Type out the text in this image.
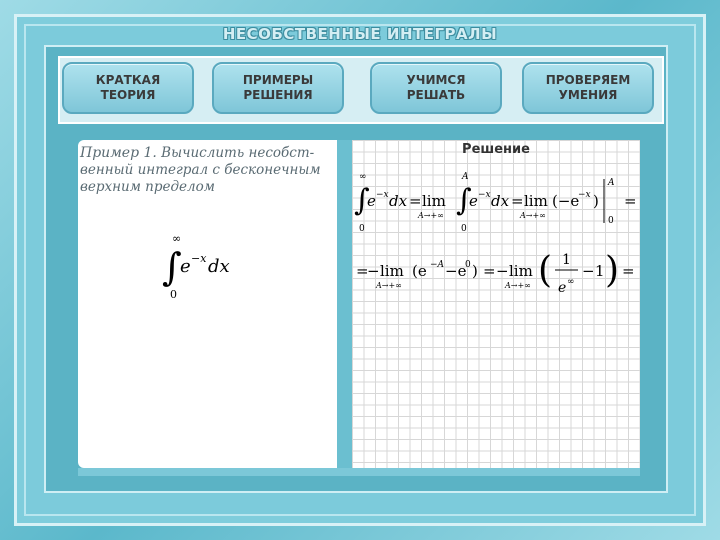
НЕСОБСТВЕННЫЕ ИНТЕГРАЛЫ
КРАТКАЯ
ТЕОРИЯ
ПРИМЕРЫ
РЕШЕНИЯ
УЧИМСЯ
РЕШАТЬ
ПРОВЕРЯЕМ
УМЕНИЯ
Пример 1. Вычислить несобст-
венный интеграл с бесконечным
верхним пределом
∞
∫
0
e −x dx
Решение
∞
∫
0
e −x dx = lim
A→+∞
A
∫
0
e −x dx = lim
A→+∞
(−e
−x )
A
0
=
=
− lim
A→+∞
(e −A −e
0 ) = − lim
A→+∞ ( 1
e ∞
− 1 ) =
